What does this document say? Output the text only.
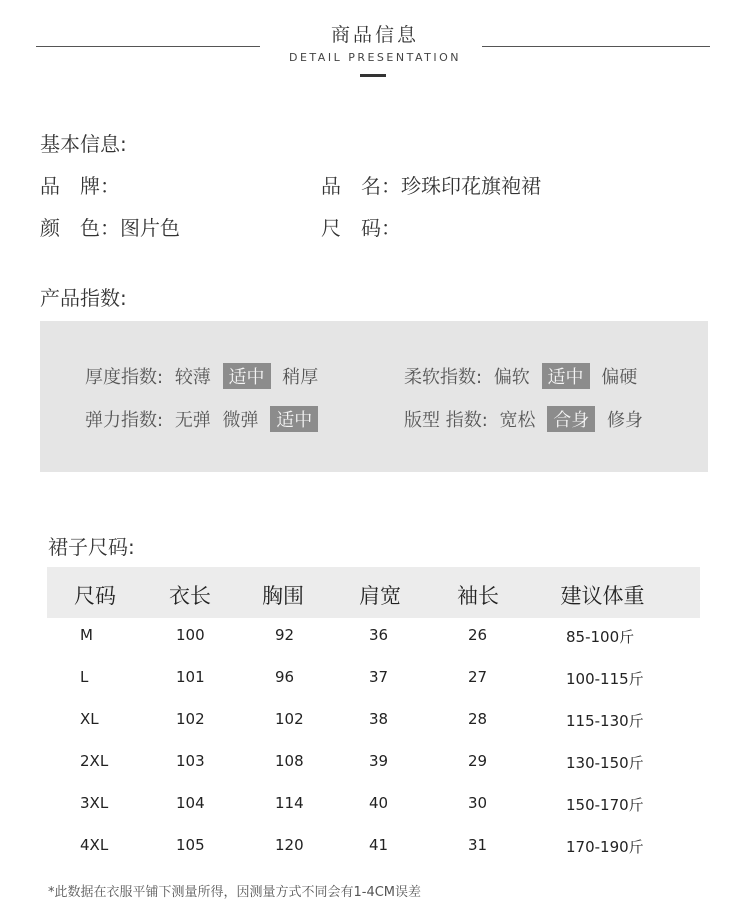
商品信息
DETAIL PRESENTATION
基本信息:
品　牌：	品　名：珍珠印花旗袍裙
颜　色：图片色	尺　码：
产品指数:
厚度指数: 较薄 适中 稍厚	柔软指数: 偏软 适中 偏硬
弹力指数: 无弹 微弹 适中	版型 指数: 宽松 合身 修身
裙子尺码:
尺码	衣长	胸围	肩宽	袖长	建议体重
M	100	92	36	26	85-100斤
L	101	96	37	27	100-115斤
XL	102	102	38	28	115-130斤
2XL	103	108	39	29	130-150斤
3XL	104	114	40	30	150-170斤
4XL	105	120	41	31	170-190斤
*此数据在衣服平铺下测量所得，因测量方式不同会有1-4CM误差
